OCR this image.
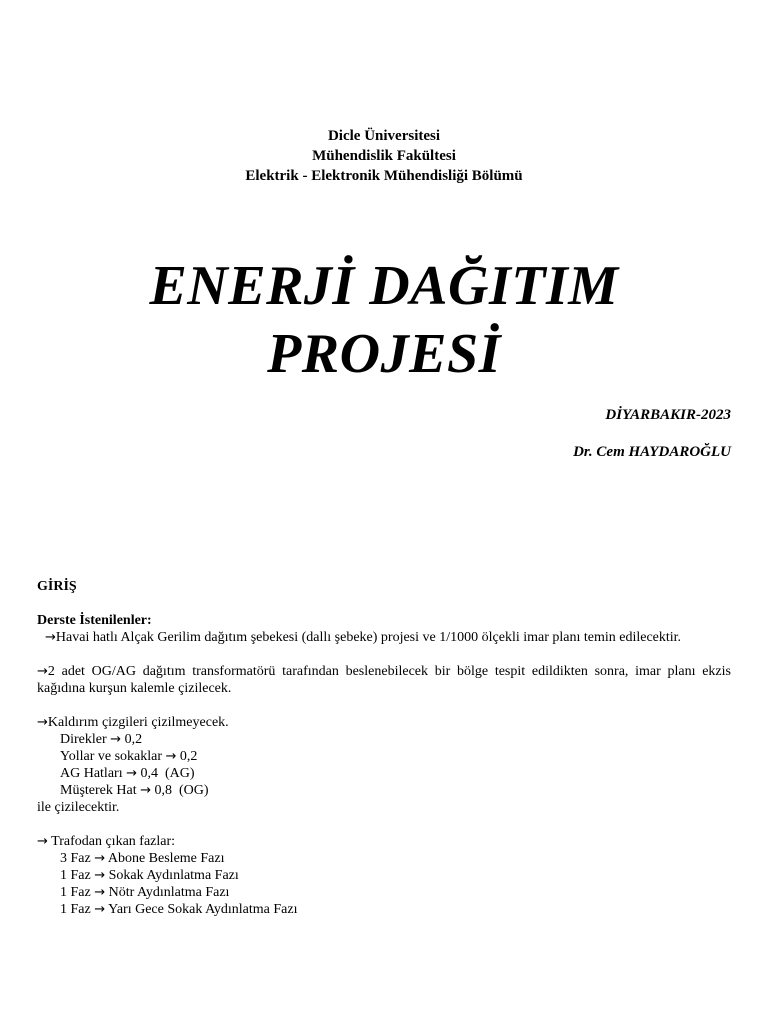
Dicle Üniversitesi
Mühendislik Fakültesi
Elektrik - Elektronik Mühendisliği Bölümü
ENERJİ DAĞITIM
PROJESİ
DİYARBAKIR-2023
Dr. Cem HAYDAROĞLU
GİRİŞ
Derste İstenilenler:
→Havai hatlı Alçak Gerilim dağıtım şebekesi (dallı şebeke) projesi ve 1/1000 ölçekli imar planı temin edilecektir.
→2 adet OG/AG dağıtım transformatörü tarafından beslenebilecek bir bölge tespit edildikten sonra, imar planı ekzis kağıdına kurşun kalemle çizilecek.
→Kaldırım çizgileri çizilmeyecek.
Direkler → 0,2
Yollar ve sokaklar → 0,2
AG Hatları → 0,4 (AG)
Müşterek Hat → 0,8 (OG)
ile çizilecektir.
→ Trafodan çıkan fazlar:
3 Faz → Abone Besleme Fazı
1 Faz → Sokak Aydınlatma Fazı
1 Faz → Nötr Aydınlatma Fazı
1 Faz → Yarı Gece Sokak Aydınlatma Fazı
